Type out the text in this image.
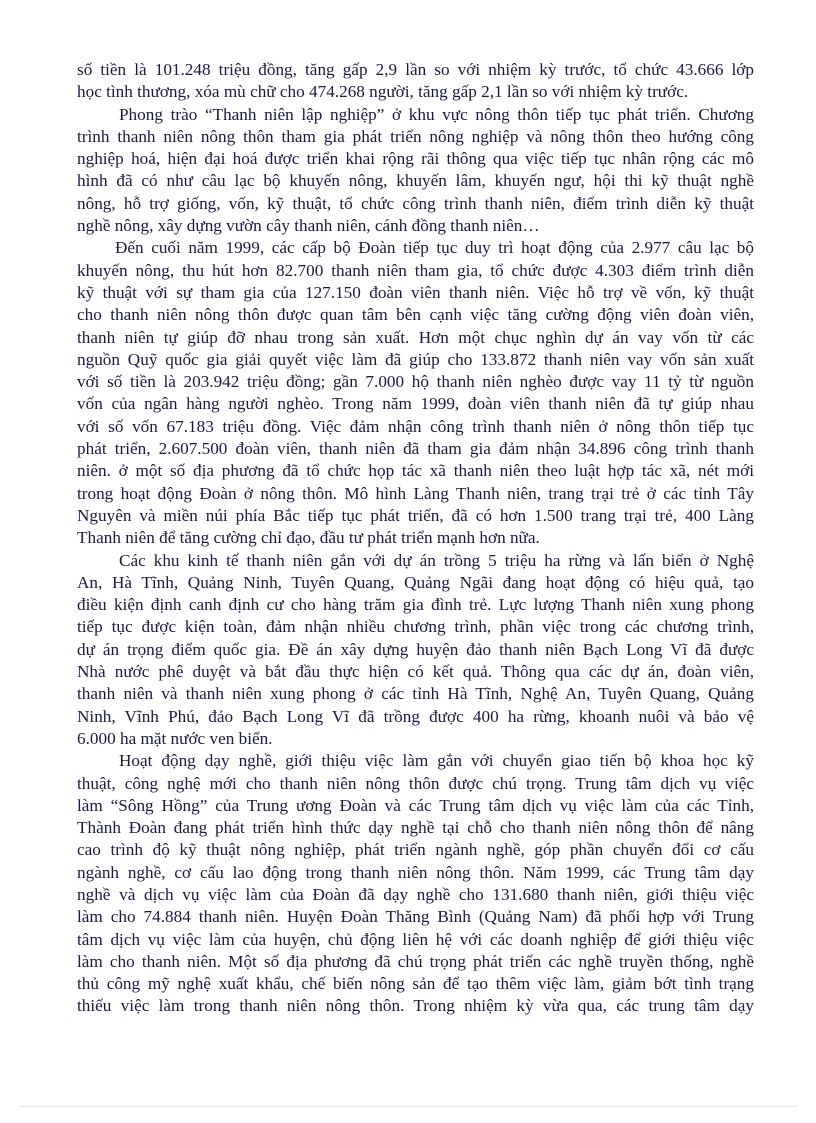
số tiền là 101.248 triệu đồng, tăng gấp 2,9 lần so với nhiệm kỳ trước, tổ chức 43.666 lớp
học tình thương, xóa mù chữ cho 474.268 người, tăng gấp 2,1 lần so với nhiệm kỳ trước.
Phong trào “Thanh niên lập nghiệp” ở khu vực nông thôn tiếp tục phát triển. Chương
trình thanh niên nông thôn tham gia phát triển nông nghiệp và nông thôn theo hướng công
nghiệp hoá, hiện đại hoá được triển khai rộng rãi thông qua việc tiếp tục nhân rộng các mô
hình đã có như câu lạc bộ khuyến nông, khuyến lâm, khuyến ngư, hội thi kỹ thuật nghề
nông, hỗ trợ giống, vốn, kỹ thuật, tổ chức công trình thanh niên, điểm trình diễn kỹ thuật
nghề nông, xây dựng vườn cây thanh niên, cánh đồng thanh niên…
Đến cuối năm 1999, các cấp bộ Đoàn tiếp tục duy trì hoạt động của 2.977 câu lạc bộ
khuyến nông, thu hút hơn 82.700 thanh niên tham gia, tổ chức được 4.303 điểm trình diễn
kỹ thuật với sự tham gia của 127.150 đoàn viên thanh niên. Việc hỗ trợ về vốn, kỹ thuật
cho thanh niên nông thôn được quan tâm bên cạnh việc tăng cường động viên đoàn viên,
thanh niên tự giúp đỡ nhau trong sản xuất. Hơn một chục nghìn dự án vay vốn từ các
nguồn Quỹ quốc gia giải quyết việc làm đã giúp cho 133.872 thanh niên vay vốn sản xuất
với số tiền là 203.942 triệu đồng; gần 7.000 hộ thanh niên nghèo được vay 11 tỷ từ nguồn
vốn của ngân hàng người nghèo. Trong năm 1999, đoàn viên thanh niên đã tự giúp nhau
với số vốn 67.183 triệu đồng. Việc đảm nhận công trình thanh niên ở nông thôn tiếp tục
phát triển, 2.607.500 đoàn viên, thanh niên đã tham gia đảm nhận 34.896 công trình thanh
niên. ở một số địa phương đã tổ chức họp tác xã thanh niên theo luật hợp tác xã, nét mới
trong hoạt động Đoàn ở nông thôn. Mô hình Làng Thanh niên, trang trại trẻ ở các tỉnh Tây
Nguyên và miền núi phía Bắc tiếp tục phát triển, đã có hơn 1.500 trang trại trẻ, 400 Làng
Thanh niên để tăng cường chỉ đạo, đầu tư phát triển mạnh hơn nữa.
Các khu kinh tế thanh niên gắn với dự án trồng 5 triệu ha rừng và lấn biển ở Nghệ
An, Hà Tĩnh, Quảng Ninh, Tuyên Quang, Quảng Ngãi đang hoạt động có hiệu quả, tạo
điều kiện định canh định cư cho hàng trăm gia đình trẻ. Lực lượng Thanh niên xung phong
tiếp tục được kiện toàn, đảm nhận nhiều chương trình, phần việc trong các chương trình,
dự án trọng điểm quốc gia. Đề án xây dựng huyện đảo thanh niên Bạch Long Vĩ đã được
Nhà nước phê duyệt và bắt đầu thực hiện có kết quả. Thông qua các dự án, đoàn viên,
thanh niên và thanh niên xung phong ở các tỉnh Hà Tĩnh, Nghệ An, Tuyên Quang, Quảng
Ninh, Vĩnh Phú, đảo Bạch Long Vĩ đã trồng được 400 ha rừng, khoanh nuôi và bảo vệ
6.000 ha mặt nước ven biển.
Hoạt động dạy nghề, giới thiệu việc làm gắn với chuyển giao tiến bộ khoa học kỹ
thuật, công nghệ mới cho thanh niên nông thôn được chú trọng. Trung tâm dịch vụ việc
làm “Sông Hồng” của Trung ương Đoàn và các Trung tâm dịch vụ việc làm của các Tỉnh,
Thành Đoàn đang phát triển hình thức dạy nghề tại chỗ cho thanh niên nông thôn để nâng
cao trình độ kỹ thuật nông nghiệp, phát triển ngành nghề, góp phần chuyển đổi cơ cấu
ngành nghề, cơ cấu lao động trong thanh niên nông thôn. Năm 1999, các Trung tâm dạy
nghề và dịch vụ việc làm của Đoàn đã dạy nghề cho 131.680 thanh niên, giới thiệu việc
làm cho 74.884 thanh niên. Huyện Đoàn Thăng Bình (Quảng Nam) đã phối hợp với Trung
tâm dịch vụ việc làm của huyện, chủ động liên hệ với các doanh nghiệp để giới thiệu việc
làm cho thanh niên. Một số địa phương đã chú trọng phát triển các nghề truyền thống, nghề
thủ công mỹ nghệ xuất khẩu, chế biến nông sản để tạo thêm việc làm, giảm bớt tình trạng
thiếu việc làm trong thanh niên nông thôn. Trong nhiệm kỳ vừa qua, các trung tâm dạy
